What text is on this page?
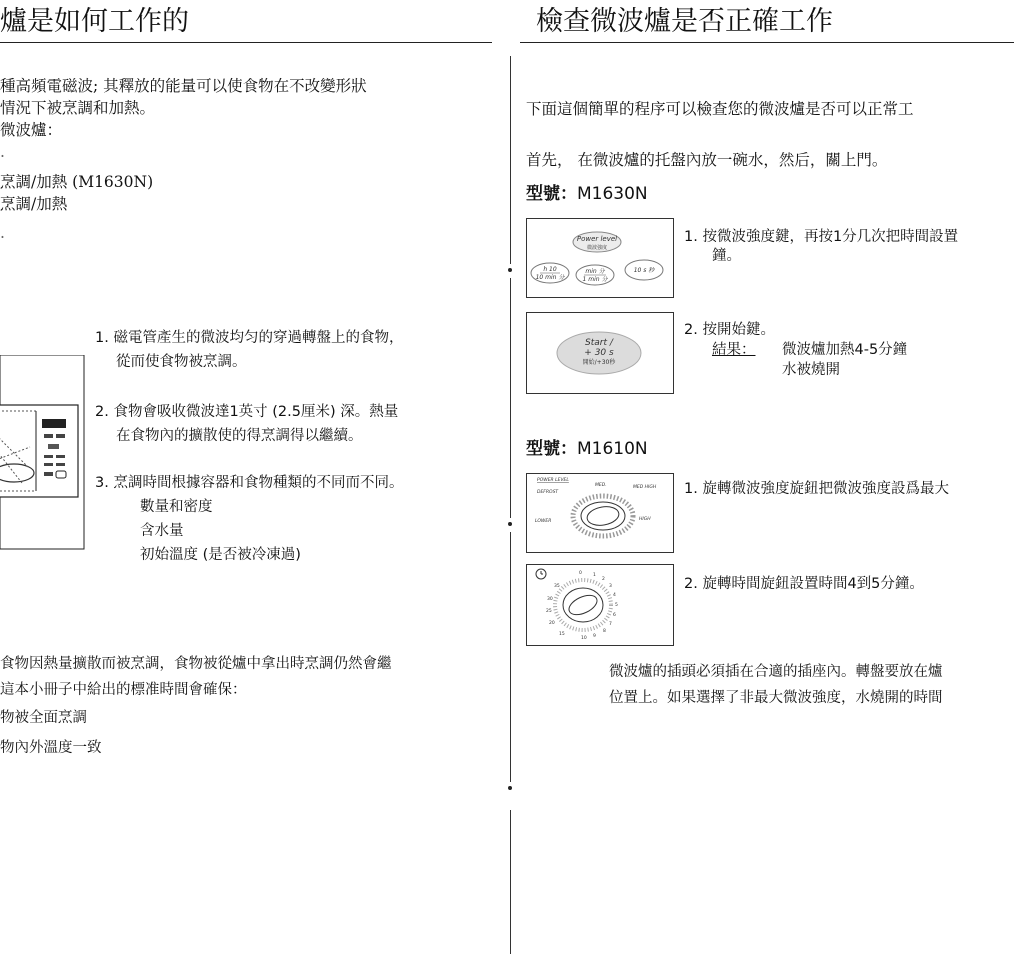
爐是如何工作的
種高頻電磁波; 其釋放的能量可以使食物在不改變形狀
情況下被烹調和加熱。
微波爐：
.
烹調/加熱 (M1630N)
烹調/加熱
.
1. 磁電管產生的微波均匀的穿過轉盤上的食物，
從而使食物被烹調。
2. 食物會吸收微波達1英寸 (2.5厘米) 深。熱量
在食物內的擴散使的得烹調得以繼續。
3. 烹調時間根據容器和食物種類的不同而不同。
數量和密度
含水量
初始溫度 (是否被冷凍過)
食物因熱量擴散而被烹調，食物被從爐中拿出時烹調仍然會繼
這本小冊子中給出的標准時間會確保：
物被全面烹調
物內外溫度一致
檢查微波爐是否正確工作
下面這個簡單的程序可以檢查您的微波爐是否可以正常工
首先， 在微波爐的托盤內放一碗水，然后，關上門。
型號：M1630N
Power level
微波強度
h 10
10 min 分
min 分
1 min 分
10 s 秒
1. 按微波強度鍵，再按1分几次把時間設置
鐘。
Start /
+ 30 s
開始/+30秒
2. 按開始鍵。
結果： 微波爐加熱4-5分鐘
水被燒開
型號：M1610N
POWER LEVEL
MED.	MED HIGH
DEFROST
HIGH
LOWER
1. 旋轉微波強度旋鈕把微波強度設爲最大
0 1
2
3
4
5
6
7
8
9
10
15
20
25
30
35	2. 旋轉時間旋鈕設置時間4到5分鐘。
微波爐的插頭必須插在合適的插座內。轉盤要放在爐
位置上。如果選擇了非最大微波強度，水燒開的時間
